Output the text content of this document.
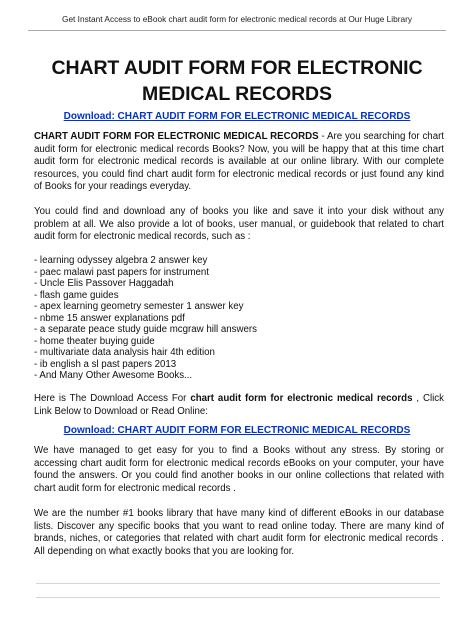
Get Instant Access to eBook chart audit form for electronic medical records at Our Huge Library
CHART AUDIT FORM FOR ELECTRONIC
MEDICAL RECORDS
Download: CHART AUDIT FORM FOR ELECTRONIC MEDICAL RECORDS

CHART AUDIT FORM FOR ELECTRONIC MEDICAL RECORDS - Are you searching for chart audit form for electronic medical records Books? Now, you will be happy that at this time chart audit form for electronic medical records is available at our online library. With our complete resources, you could find chart audit form for electronic medical records or just found any kind of Books for your readings everyday.

You could find and download any of books you like and save it into your disk without any problem at all. We also provide a lot of books, user manual, or guidebook that related to chart audit form for electronic medical records, such as :

- learning odyssey algebra 2 answer key
- paec malawi past papers for instrument
- Uncle Elis Passover Haggadah
- flash game guides
- apex learning geometry semester 1 answer key
- nbme 15 answer explanations pdf
- a separate peace study guide mcgraw hill answers
- home theater buying guide
- multivariate data analysis hair 4th edition
- ib english a sl past papers 2013
- And Many Other Awesome Books...

Here is The Download Access For chart audit form for electronic medical records , Click Link Below to Download or Read Online:

Download: CHART AUDIT FORM FOR ELECTRONIC MEDICAL RECORDS

We have managed to get easy for you to find a Books without any stress. By storing or accessing chart audit form for electronic medical records eBooks on your computer, your have found the answers. Or you could find another books in our online collections that related with chart audit form for electronic medical records .

We are the number #1 books library that have many kind of different eBooks in our database lists. Discover any specific books that you want to read online today. There are many kind of brands, niches, or categories that related with chart audit form for electronic medical records . All depending on what exactly books that you are looking for.
